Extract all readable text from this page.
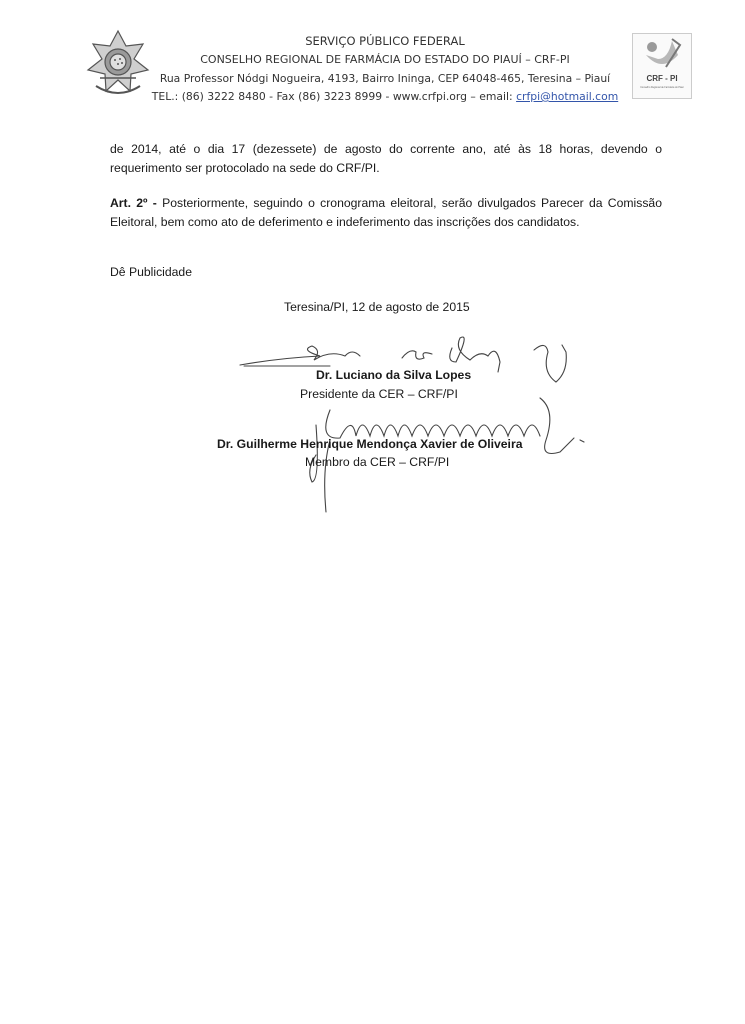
SERVIÇO PÚBLICO FEDERAL
CONSELHO REGIONAL DE FARMÁCIA DO ESTADO DO PIAUÍ – CRF-PI
Rua Professor Nódgi Nogueira, 4193, Bairro Ininga, CEP 64048-465, Teresina – Piauí
TEL.: (86) 3222 8480 - Fax (86) 3223 8999 - www.crfpi.org – email: crfpi@hotmail.com
CRF - PI
Conselho Regional de Farmácia do Piauí
de 2014, até o dia 17 (dezessete) de agosto do corrente ano, até às 18 horas, devendo o requerimento ser protocolado na sede do CRF/PI.
Art. 2º - Posteriormente, seguindo o cronograma eleitoral, serão divulgados Parecer da Comissão Eleitoral, bem como ato de deferimento e indeferimento das inscrições dos candidatos.
Dê Publicidade
Teresina/PI, 12 de agosto de 2015
Dr. Luciano da Silva Lopes
Presidente da CER – CRF/PI
Dr. Guilherme Henrique Mendonça Xavier de Oliveira
Membro da CER – CRF/PI
